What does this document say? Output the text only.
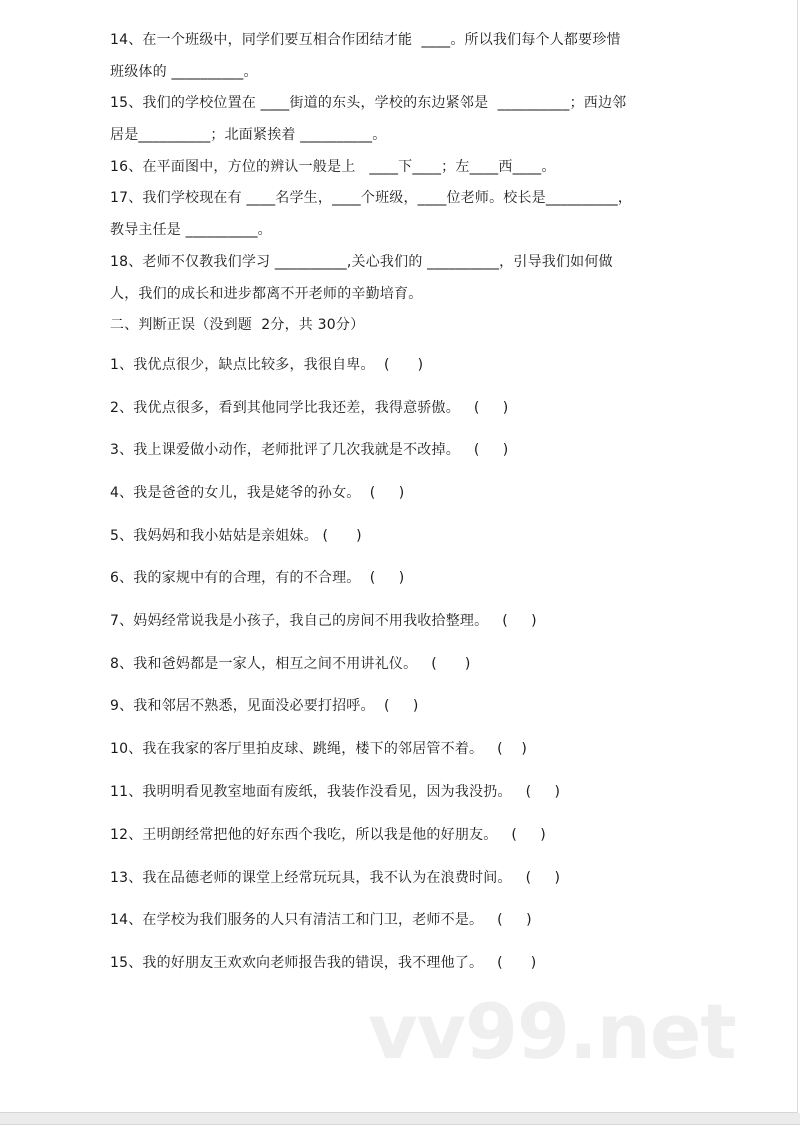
14、在一个班级中，同学们要互相合作团结才能  ____。所以我们每个人都要珍惜
班级体的 __________。
15、我们的学校位置在 ____街道的东头，学校的东边紧邻是  __________；西边邻
居是__________；北面紧挨着 __________。
16、在平面图中，方位的辨认一般是上   ____下____；左____西____。
17、我们学校现在有 ____名学生，____个班级，____位老师。校长是__________，
教导主任是 __________。
18、老师不仅教我们学习 __________,关心我们的 __________，引导我们如何做
人，我们的成长和进步都离不开老师的辛勤培育。
二、判断正误（没到题  2分，共 30分）
1、我优点很少，缺点比较多，我很自卑。  (      )
2、我优点很多，看到其他同学比我还差，我得意骄傲。   (     )
3、我上课爱做小动作，老师批评了几次我就是不改掉。   (     )
4、我是爸爸的女儿，我是姥爷的孙女。  (     )
5、我妈妈和我小姑姑是亲姐妹。 (      )
6、我的家规中有的合理，有的不合理。  (     )
7、妈妈经常说我是小孩子，我自己的房间不用我收拾整理。   (     )
8、我和爸妈都是一家人，相互之间不用讲礼仪。   (      )
9、我和邻居不熟悉，见面没必要打招呼。  (     )
10、我在我家的客厅里拍皮球、跳绳，楼下的邻居管不着。   (    )
11、我明明看见教室地面有废纸，我装作没看见，因为我没扔。   (     )
12、王明朗经常把他的好东西个我吃，所以我是他的好朋友。   (     )
13、我在品德老师的课堂上经常玩玩具，我不认为在浪费时间。   (     )
14、在学校为我们服务的人只有清洁工和门卫，老师不是。   (     )
15、我的好朋友王欢欢向老师报告我的错误，我不理他了。   (      )
vv99.net
